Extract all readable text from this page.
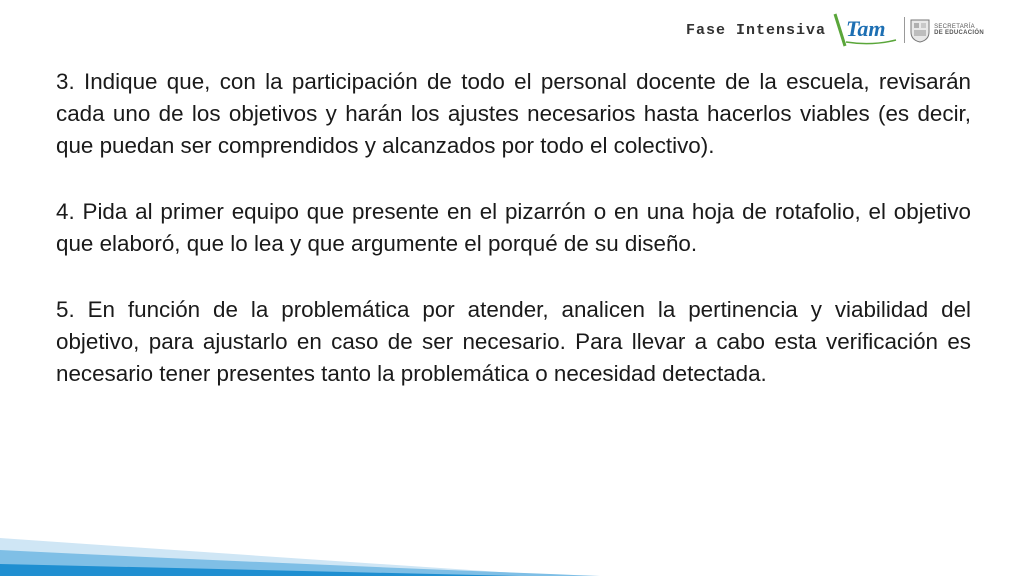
Fase Intensiva Tam	SECRETARÍA
DE EDUCACIÓN

3. Indique que, con la participación de todo el personal docente de la escuela, revisarán cada uno de los objetivos y harán los ajustes necesarios hasta hacerlos viables (es decir, que puedan ser comprendidos y alcanzados por todo el colectivo).

4. Pida al primer equipo que presente en el pizarrón o en una hoja de rotafolio, el objetivo que elaboró, que lo lea y que argumente el porqué de su diseño.

5. En función de la problemática por atender, analicen la pertinencia y viabilidad del objetivo, para ajustarlo en caso de ser necesario. Para llevar a cabo esta verificación es necesario tener presentes tanto la problemática o necesidad detectada.
